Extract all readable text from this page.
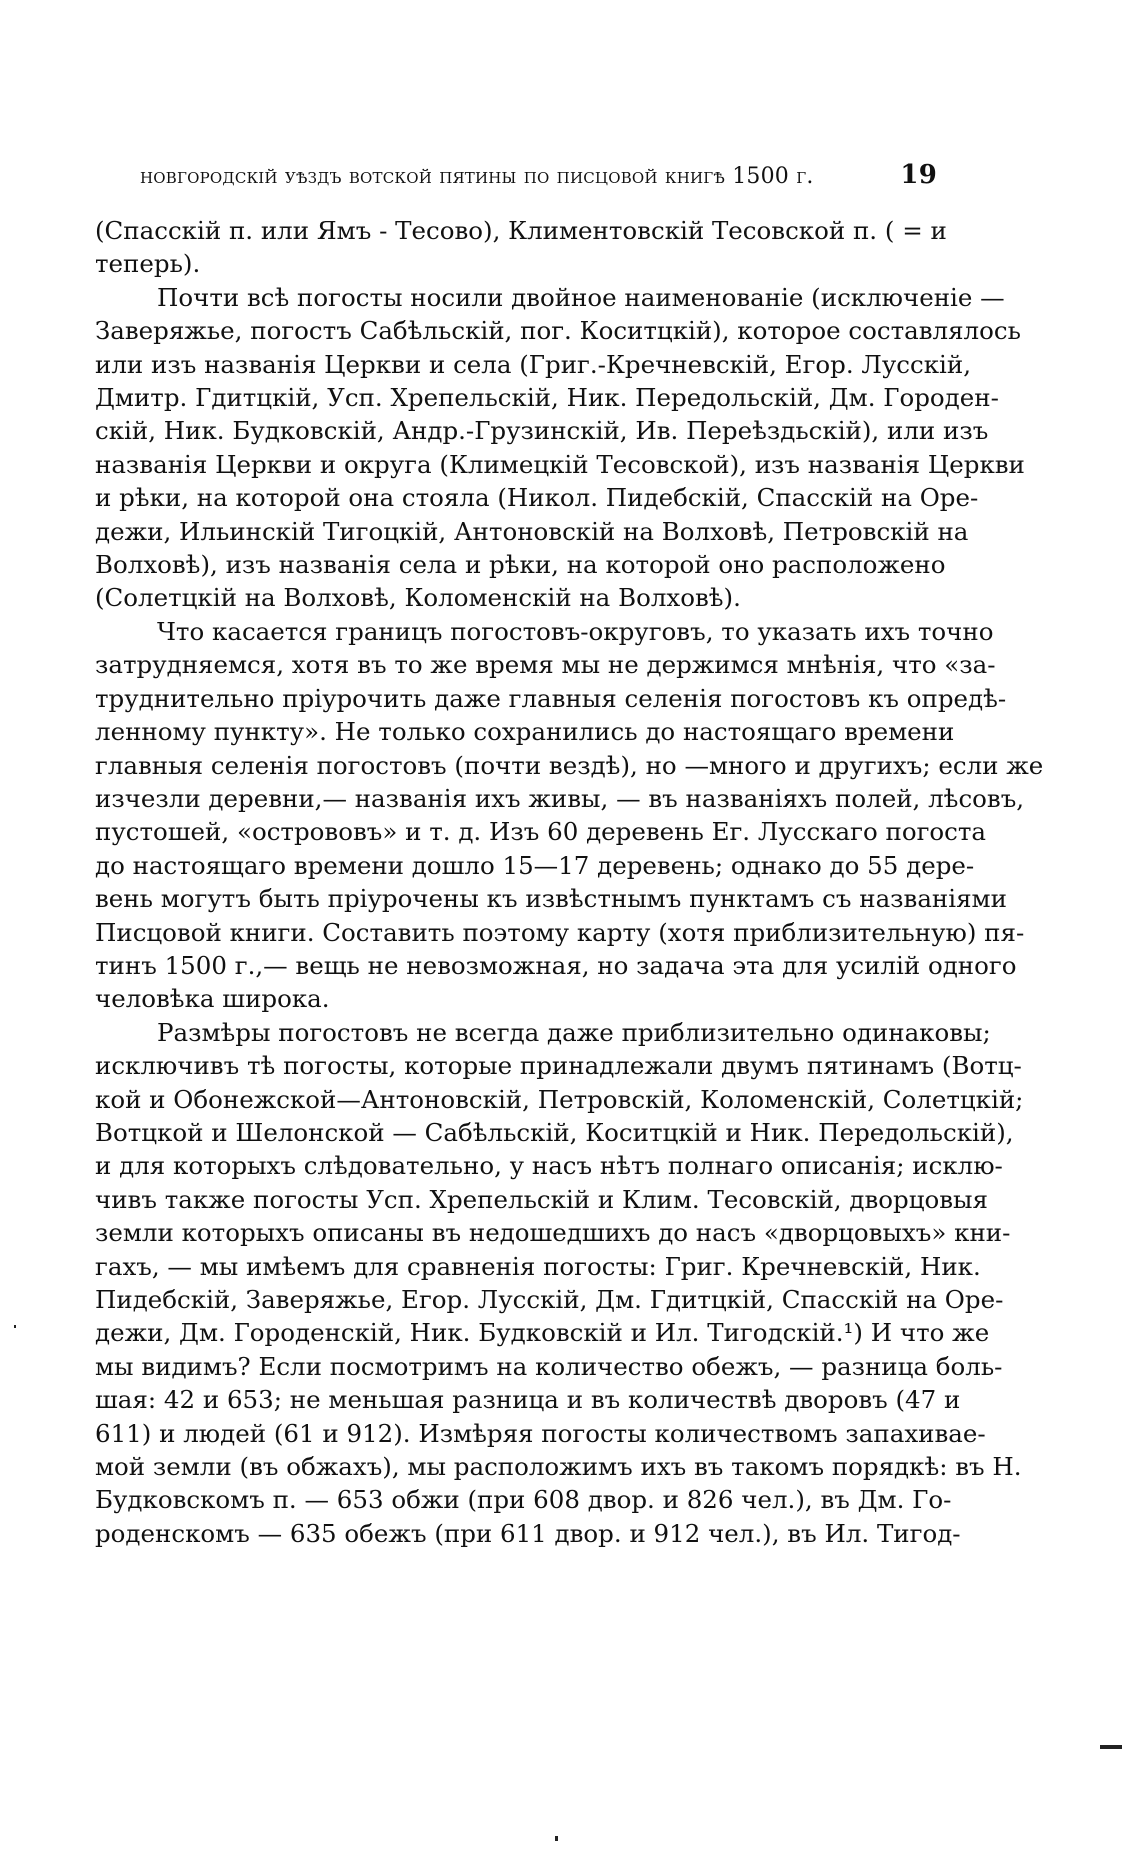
новгородскій уѣздъ вотской пятины по писцовой книгѣ 1500 г.	19
(Спасскій п. или Ямъ - Тесово), Климентовскій Тесовской п. ( = и
теперь).
Почти всѣ погосты носили двойное наименованіе (исключеніе —
Заверяжье, погостъ Сабѣльскій, пог. Коситцкій), которое составлялось
или изъ названія Церкви и села (Григ.-Кречневскій, Егор. Лусскій,
Дмитр. Гдитцкій, Усп. Хрепельскій, Ник. Передольскій, Дм. Городен-
скій, Ник. Будковскій, Андр.-Грузинскій, Ив. Переѣздьскій), или изъ
названія Церкви и округа (Климецкій Тесовской), изъ названія Церкви
и рѣки, на которой она стояла (Никол. Пидебскій, Спасскій на Оре-
дежи, Ильинскій Тигоцкій, Антоновскій на Волховѣ, Петровскій на
Волховѣ), изъ названія села и рѣки, на которой оно расположено
(Солетцкій на Волховѣ, Коломенскій на Волховѣ).
Что касается границъ погостовъ-округовъ, то указать ихъ точно
затрудняемся, хотя въ то же время мы не держимся мнѣнія, что «за-
труднительно пріурочить даже главныя селенія погостовъ къ опредѣ-
ленному пункту». Не только сохранились до настоящаго времени
главныя селенія погостовъ (почти вездѣ), но —много и другихъ; если же
изчезли деревни,— названія ихъ живы, — въ названіяхъ полей, лѣсовъ,
пустошей, «острововъ» и т. д. Изъ 60 деревень Ег. Лусскаго погоста
до настоящаго времени дошло 15—17 деревень; однако до 55 дере-
вень могутъ быть пріурочены къ извѣстнымъ пунктамъ съ названіями
Писцовой книги. Составить поэтому карту (хотя приблизительную) пя-
тинъ 1500 г.,— вещь не невозможная, но задача эта для усилій одного
человѣка широка.
Размѣры погостовъ не всегда даже приблизительно одинаковы;
исключивъ тѣ погосты, которые принадлежали двумъ пятинамъ (Вотц-
кой и Обонежской—Антоновскій, Петровскій, Коломенскій, Солетцкій;
Вотцкой и Шелонской — Сабѣльскій, Коситцкій и Ник. Передольскій),
и для которыхъ слѣдовательно, у насъ нѣтъ полнаго описанія; исклю-
чивъ также погосты Усп. Хрепельскій и Клим. Тесовскій, дворцовыя
земли которыхъ описаны въ недошедшихъ до насъ «дворцовыхъ» кни-
гахъ, — мы имѣемъ для сравненія погосты: Григ. Кречневскій, Ник.
Пидебскій, Заверяжье, Егор. Лусскій, Дм. Гдитцкій, Спасскій на Оре-
дежи, Дм. Городенскій, Ник. Будковскій и Ил. Тигодскій.¹) И что же
мы видимъ? Если посмотримъ на количество обежъ, — разница боль-
шая: 42 и 653; не меньшая разница и въ количествѣ дворовъ (47 и
611) и людей (61 и 912). Измѣряя погосты количествомъ запахивае-
мой земли (въ обжахъ), мы расположимъ ихъ въ такомъ порядкѣ: въ Н.
Будковскомъ п. — 653 обжи (при 608 двор. и 826 чел.), въ Дм. Го-
роденскомъ — 635 обежъ (при 611 двор. и 912 чел.), въ Ил. Тигод-
